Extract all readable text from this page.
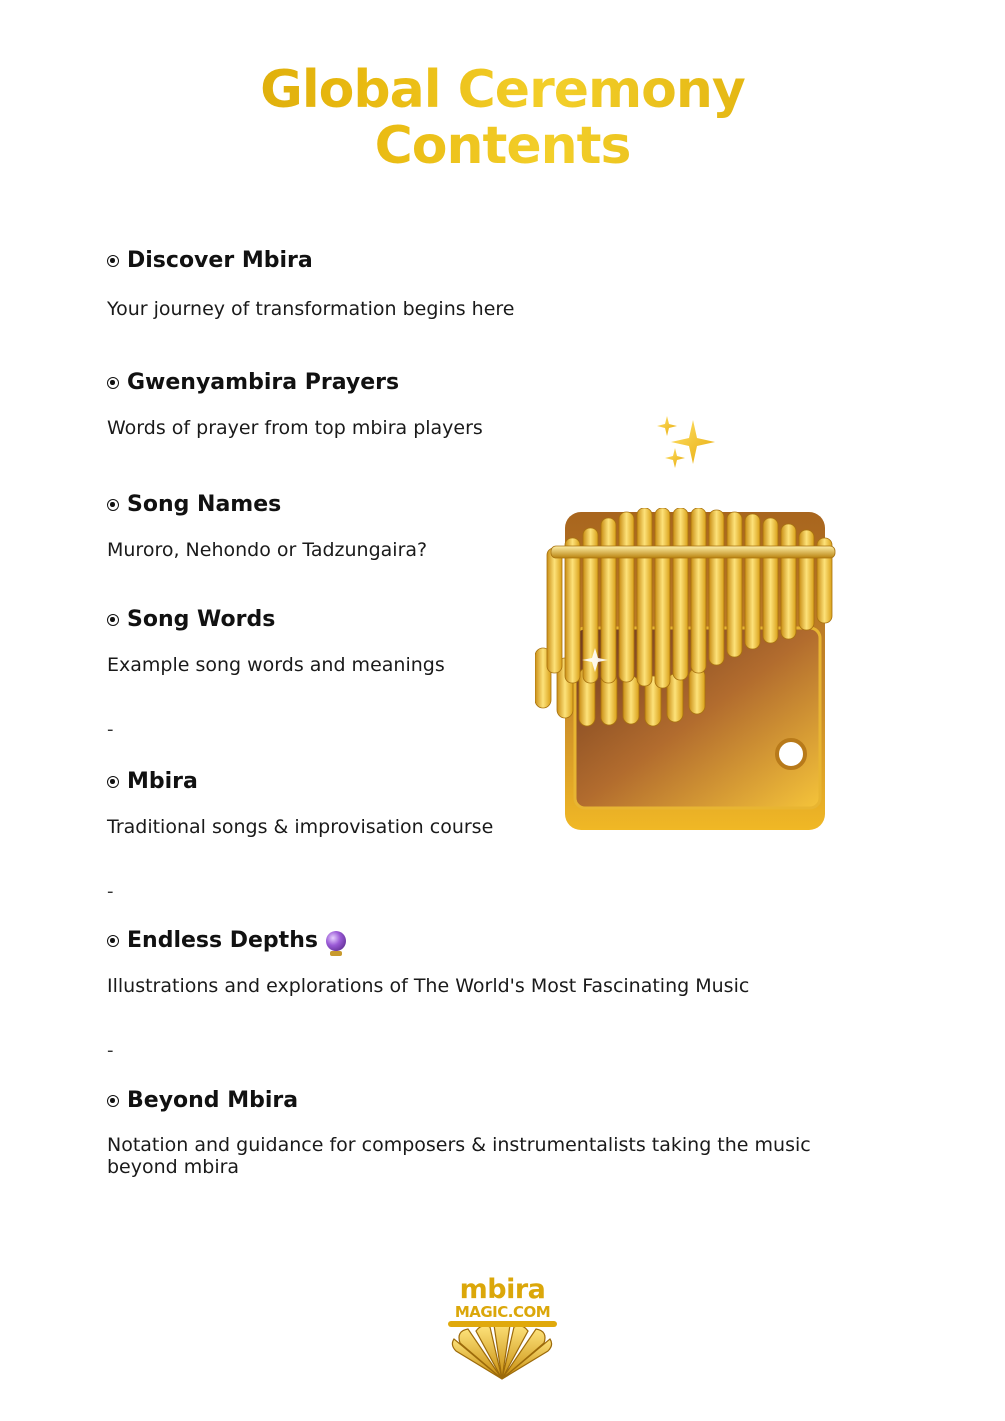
Global Ceremony
Contents
Discover Mbira
Your journey of transformation begins here
Gwenyambira Prayers
Words of prayer from top mbira players
Song Names
Muroro, Nehondo or Tadzungaira?
Song Words
Example song words and meanings
-
Mbira
Traditional songs & improvisation course
-
Endless Depths
Illustrations and explorations of The World's Most Fascinating Music
-
Beyond Mbira
Notation and guidance for composers & instrumentalists taking the music beyond mbira
mbira
MAGIC.COM
